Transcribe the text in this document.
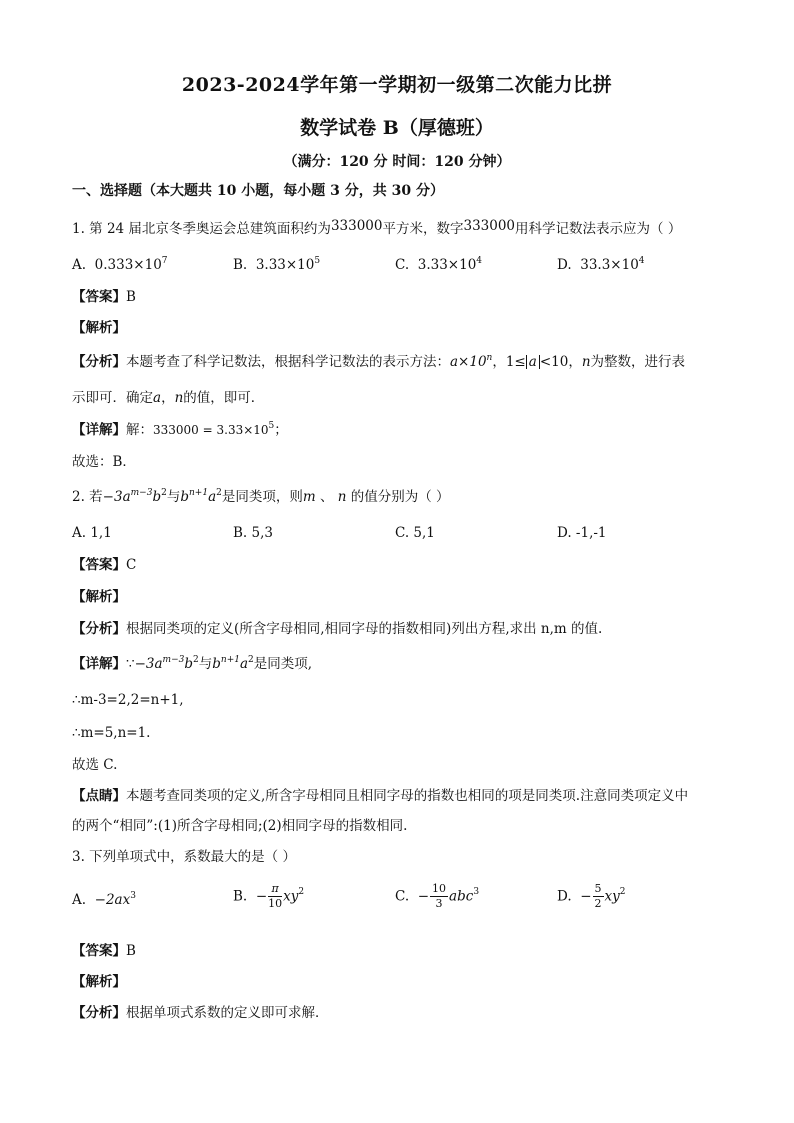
2023-2024学年第一学期初一级第二次能力比拼
数学试卷 B（厚德班）
（满分：120 分 时间：120 分钟）
一、选择题（本大题共 10 小题，每小题 3 分，共 30 分）
1. 第 24 届北京冬季奥运会总建筑面积约为333000平方米，数字333000用科学记数法表示应为（ ）
A. $0.333\times 10^7$	B. $3.33\times 10^5$	C. $3.33\times 10^4$	D. $33.3\times 10^4$
【答案】B
【解析】
【分析】本题考查了科学记数法，根据科学记数法的表示方法：$a\times 10^n$，1≤ a <10，n为整数，进行表
示即可．确定a，n的值，即可．
【详解】解：$333000 = 3.33\times 10^5$；
故选：B．
2. 若$-3a^{m-3}b^2$与$b^{n+1}a^2$是同类项，则m 、 n 的值分别为（ ）
A. 1,1	B. 5,3	C. 5,1	D. -1,-1
【答案】C
【解析】
【分析】根据同类项的定义(所含字母相同,相同字母的指数相同)列出方程,求出 n,m 的值.
【详解】$\because-3a^{m-3}b^2$与$b^{n+1}a^2$是同类项,
∴m-3=2,2=n+1,
∴m=5,n=1.
故选 C.
【点睛】本题考查同类项的定义,所含字母相同且相同字母的指数也相同的项是同类项.注意同类项定义中
的两个“相同”:(1)所含字母相同;(2)相同字母的指数相同.
3. 下列单项式中，系数最大的是（ ）
A. $-2ax^3$	B. − $\frac{\pi}{10} xy^2$	C. − $\frac{10}{3} abc^3$	D. − $\frac{5}{2} xy^2$
【答案】B
【解析】
【分析】根据单项式系数的定义即可求解．
